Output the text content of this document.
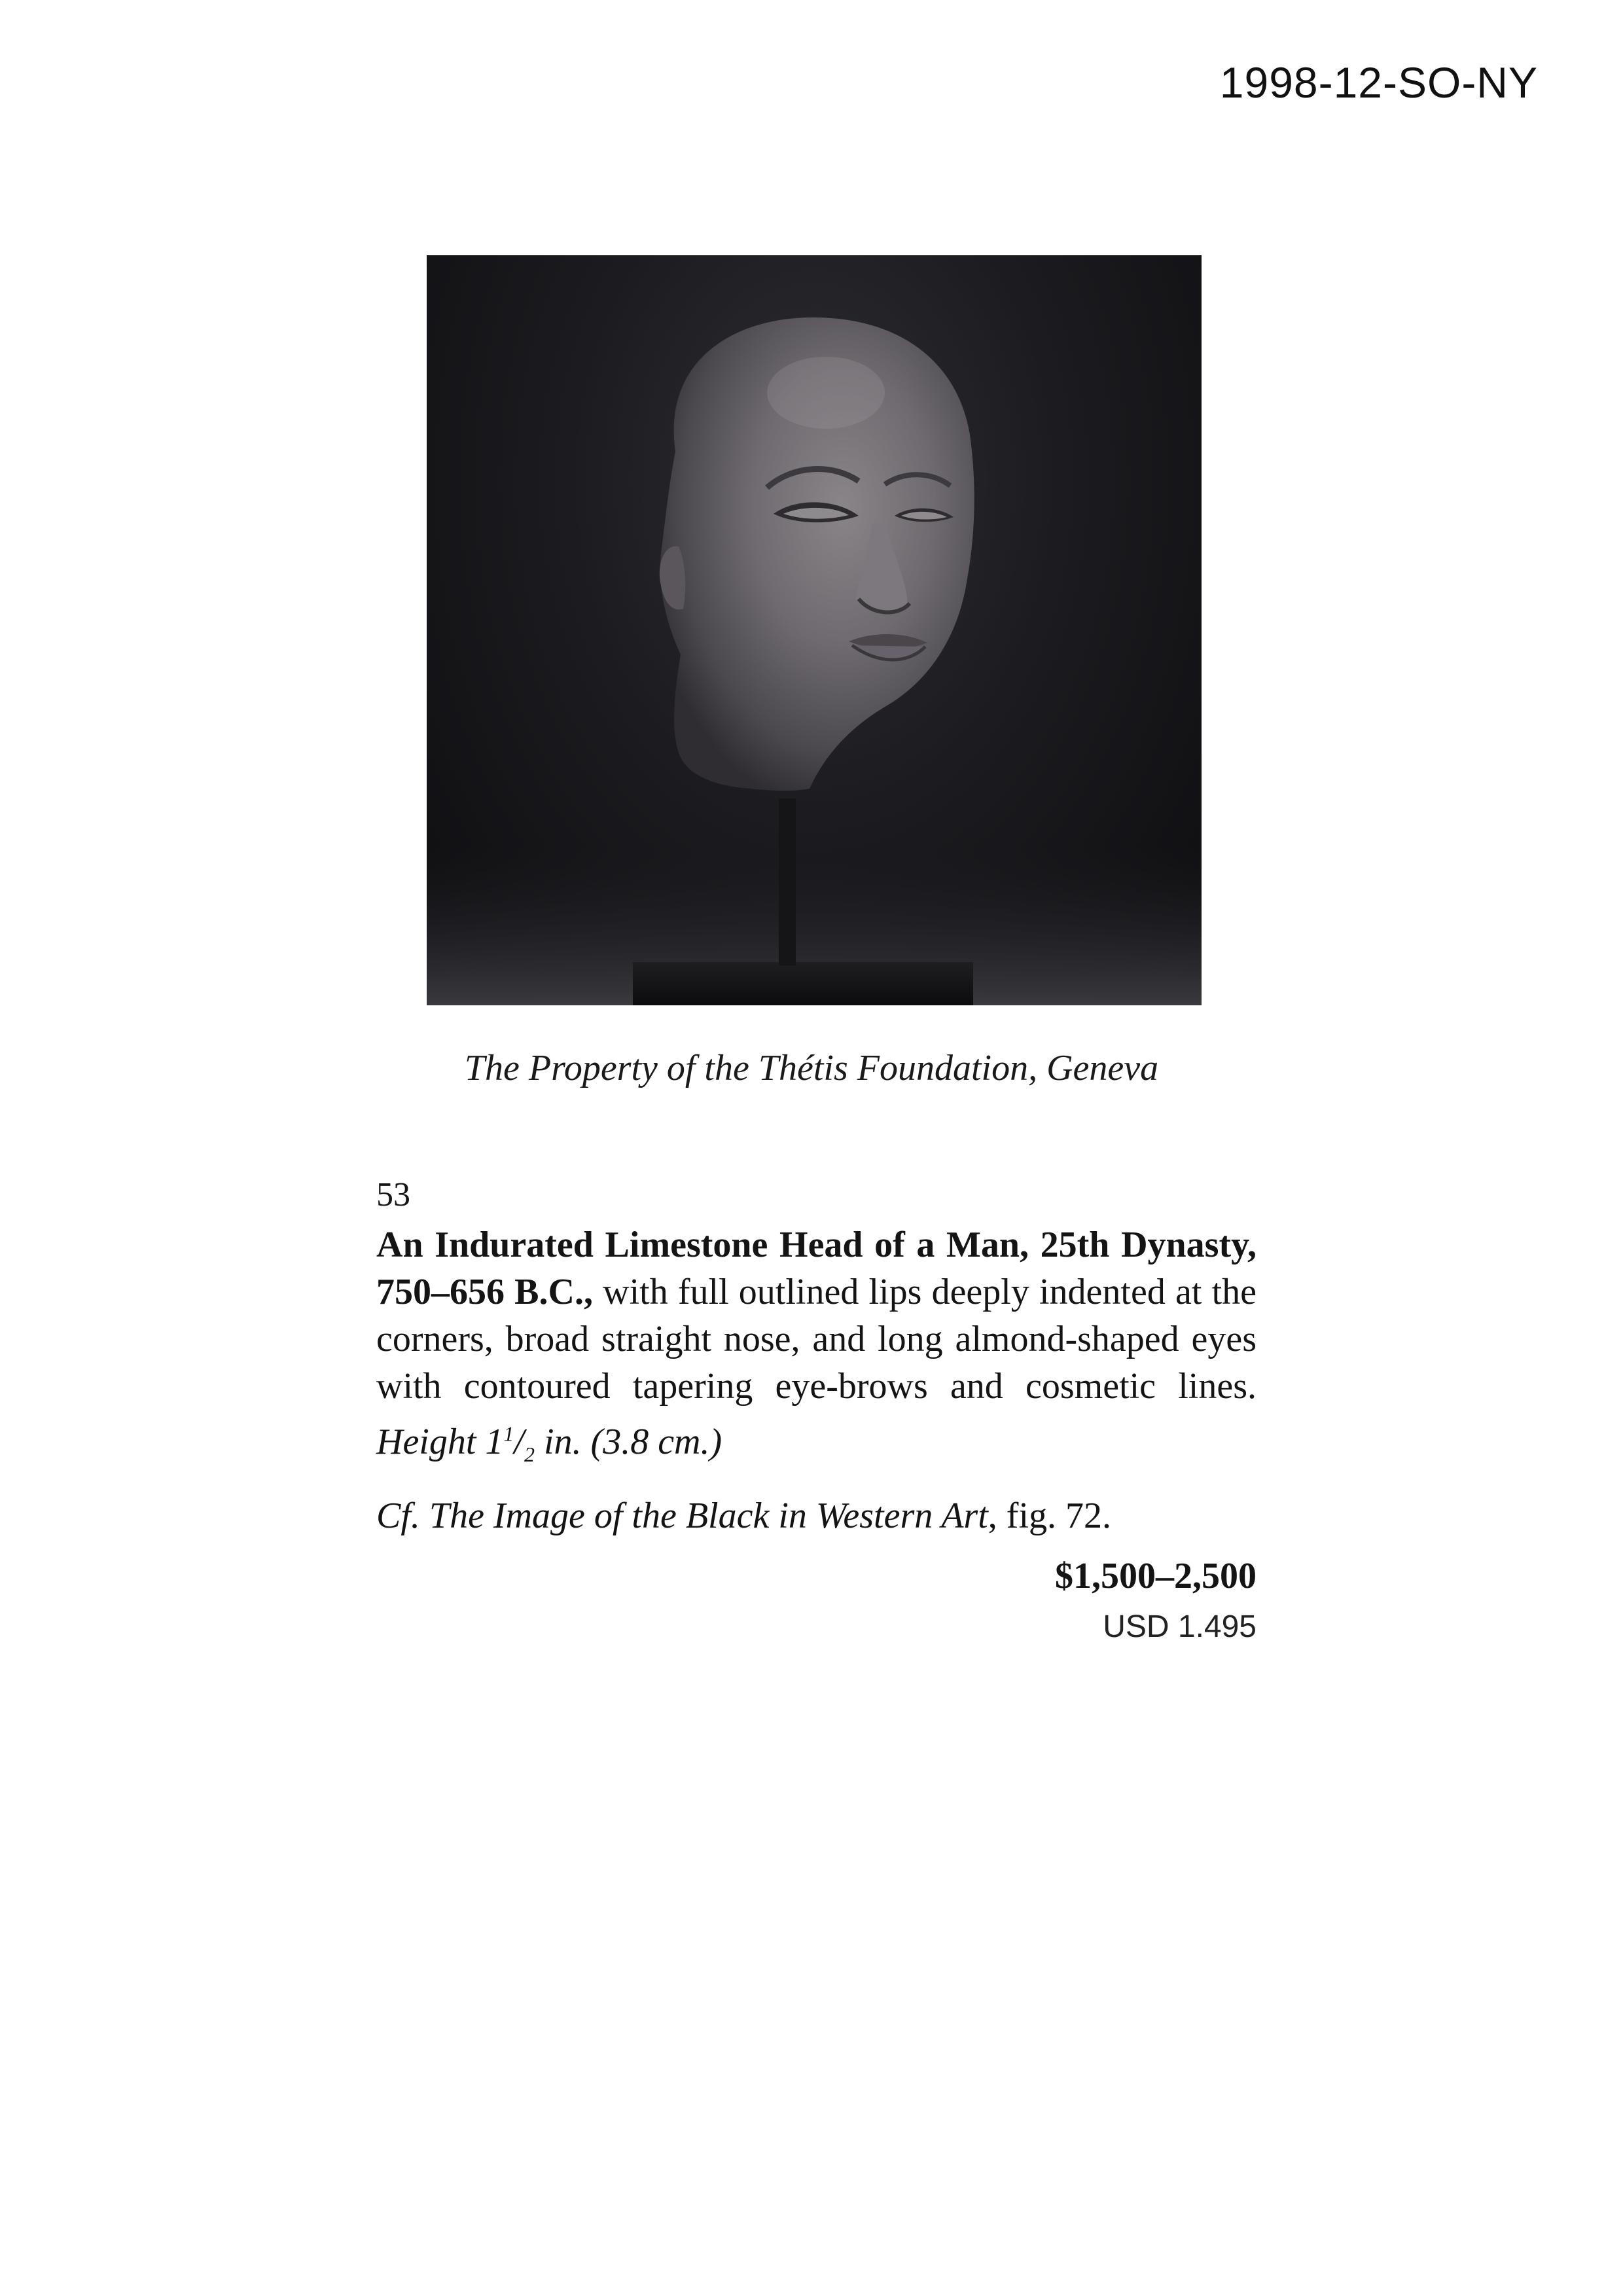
1998-12-SO-NY
The Property of the Thétis Foundation, Geneva
53
An Indurated Limestone Head of a Man, 25th Dynasty, 750–656 B.C., with full outlined lips deeply indented at the corners, broad straight nose, and long almond-shaped eyes with contoured tapering eye-brows and cosmetic lines. Height $1^1/_2$ in. (3.8 cm.)
Cf. The Image of the Black in Western Art, fig. 72.
$1,500–2,500
USD 1.495
